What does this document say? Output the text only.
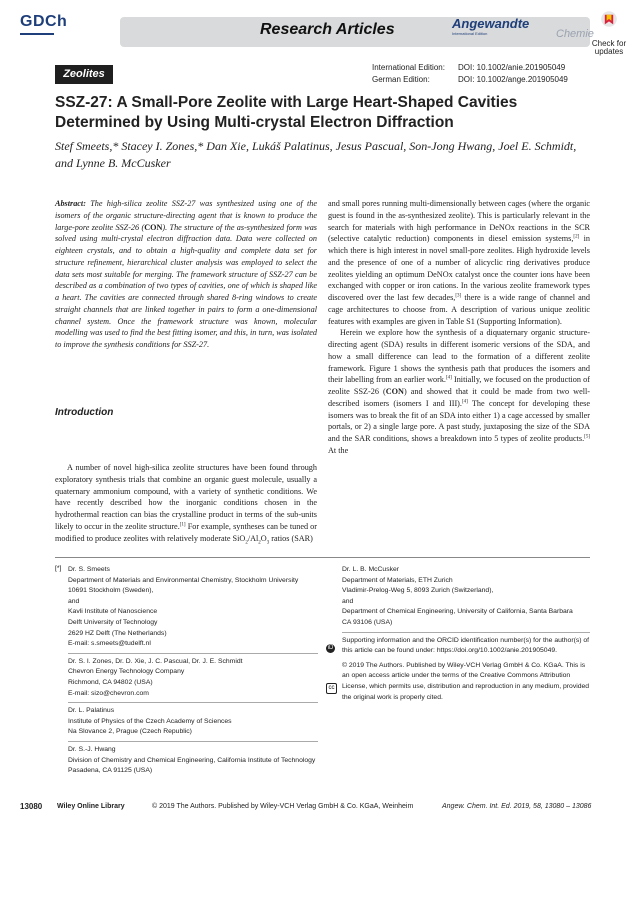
GDCh	Research Articles	Angewandte
International Edition	Chemie
Check for updates
Zeolites
International Edition: DOI: 10.1002/anie.201905049
German Edition:	DOI: 10.1002/ange.201905049
SSZ-27: A Small-Pore Zeolite with Large Heart-Shaped Cavities Determined by Using Multi-crystal Electron Diffraction
Stef Smeets,* Stacey I. Zones,* Dan Xie, Lukáš Palatinus, Jesus Pascual, Son-Jong Hwang, Joel E. Schmidt, and Lynne B. McCusker
Abstract: The high-silica zeolite SSZ-27 was synthesized using one of the isomers of the organic structure-directing agent that is known to produce the large-pore zeolite SSZ-26 (CON). The structure of the as-synthesized form was solved using multi-crystal electron diffraction data. Data were collected on eighteen crystals, and to obtain a high-quality and complete data set for structure refinement, hierarchical cluster analysis was employed to select the data sets most suitable for merging. The framework structure of SSZ-27 can be described as a combination of two types of cavities, one of which is shaped like a heart. The cavities are connected through shared 8-ring windows to create straight channels that are linked together in pairs to form a one-dimensional channel system. Once the framework structure was known, molecular modelling was used to find the best fitting isomer, and this, in turn, was isolated to improve the synthesis conditions for SSZ-27.
Introduction
A number of novel high-silica zeolite structures have been found through exploratory synthesis trials that combine an organic guest molecule, usually a quaternary ammonium compound, with a variety of synthetic conditions. We have recently described how the inorganic conditions chosen in the hydrothermal reaction can bias the crystalline product in terms of the sub-units likely to occur in the zeolite structure.[1] For example, syntheses can be tuned or modified to produce zeolites with relatively moderate $SiO_2/Al_2O_3$ ratios (SAR)
and small pores running multi-dimensionally between cages (where the organic guest is found in the as-synthesized zeolite). This is particularly relevant in the search for materials with high performance in DeNOx reactions in the SCR (selective catalytic reduction) components in diesel emission systems,[2] in which there is high interest in novel small-pore zeolites. High hydroxide levels and the presence of one of a number of alicyclic ring derivatives produce zeolites yielding an optimum DeNOx catalyst once the counter ions have been exchanged with copper or iron cations. In the various zeolite framework types discovered over the last few decades,[3] there is a wide range of channel and cage architectures to choose from. A description of various unique zeolitic features with examples are given in Table S1 (Supporting Information).
Herein we explore how the synthesis of a diquaternary organic structure-directing agent (SDA) results in different isomeric versions of the SDA, and how a small difference can lead to the formation of a different zeolite framework. Figure 1 shows the synthesis path that produces the isomers and their labelling from an earlier work.[4] Initially, we focused on the production of zeolite SSZ-26 (CON) and showed that it could be made from two well-described isomers (isomers I and III).[4] The concept for developing these isomers was to break the fit of an SDA into either 1) a cage accessed by smaller portals, or 2) a single large pore. A past study, juxtaposing the size of the SDA and the SAR conditions, shows a breakdown into 5 types of zeolite products.[5] At the
[*] Dr. S. Smeets
Department of Materials and Environmental Chemistry, Stockholm University
10691 Stockholm (Sweden),
and
Kavli Institute of Nanoscience
Delft University of Technology
2629 HZ Delft (The Netherlands)
E-mail: s.smeets@tudelft.nl
Dr. S. I. Zones, Dr. D. Xie, J. C. Pascual, Dr. J. E. Schmidt
Chevron Energy Technology Company
Richmond, CA 94802 (USA)
E-mail: sizo@chevron.com
Dr. L. Palatinus
Institute of Physics of the Czech Academy of Sciences
Na Slovance 2, Prague (Czech Republic)
Dr. S.-J. Hwang
Division of Chemistry and Chemical Engineering, California Institute of Technology
Pasadena, CA 91125 (USA)
Dr. L. B. McCusker
Department of Materials, ETH Zurich
Vladimir-Prelog-Weg 5, 8093 Zurich (Switzerland),
and
Department of Chemical Engineering, University of California, Santa Barbara
CA 93106 (USA)
Supporting information and the ORCID identification number(s) for the author(s) of this article can be found under: https://doi.org/10.1002/anie.201905049.
© 2019 The Authors. Published by Wiley-VCH Verlag GmbH & Co. KGaA. This is an open access article under the terms of the Creative Commons Attribution License, which permits use, distribution and reproduction in any medium, provided the original work is properly cited.
iD
cc
13080 Wiley Online Library	© 2019 The Authors. Published by Wiley-VCH Verlag GmbH & Co. KGaA, Weinheim	Angew. Chem. Int. Ed. 2019, 58, 13080 – 13086
